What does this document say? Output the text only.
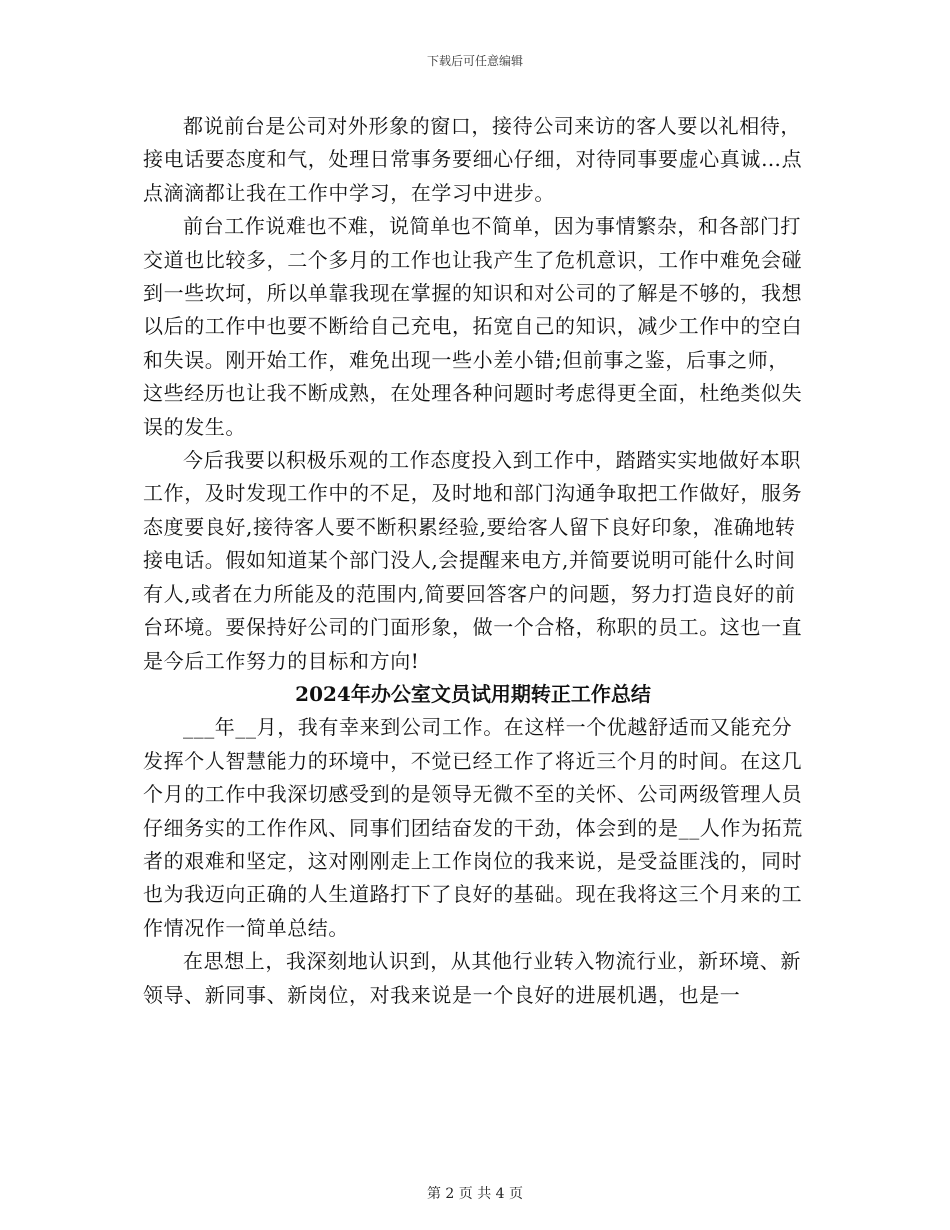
下载后可任意编辑

都说前台是公司对外形象的窗口，接待公司来访的客人要以礼相待，接电话要态度和气，处理日常事务要细心仔细，对待同事要虚心真诚…点点滴滴都让我在工作中学习，在学习中进步。

前台工作说难也不难，说简单也不简单，因为事情繁杂，和各部门打交道也比较多，二个多月的工作也让我产生了危机意识，工作中难免会碰到一些坎坷，所以单靠我现在掌握的知识和对公司的了解是不够的，我想以后的工作中也要不断给自己充电，拓宽自己的知识，减少工作中的空白和失误。刚开始工作，难免出现一些小差小错;但前事之鉴，后事之师，这些经历也让我不断成熟，在处理各种问题时考虑得更全面，杜绝类似失误的发生。

今后我要以积极乐观的工作态度投入到工作中，踏踏实实地做好本职工作，及时发现工作中的不足，及时地和部门沟通争取把工作做好，服务态度要良好,接待客人要不断积累经验,要给客人留下良好印象，准确地转接电话。假如知道某个部门没人,会提醒来电方,并简要说明可能什么时间有人,或者在力所能及的范围内,简要回答客户的问题，努力打造良好的前台环境。要保持好公司的门面形象，做一个合格，称职的员工。这也一直是今后工作努力的目标和方向!

2024年办公室文员试用期转正工作总结

___年__月，我有幸来到公司工作。在这样一个优越舒适而又能充分发挥个人智慧能力的环境中，不觉已经工作了将近三个月的时间。在这几个月的工作中我深切感受到的是领导无微不至的关怀、公司两级管理人员仔细务实的工作作风、同事们团结奋发的干劲，体会到的是__人作为拓荒者的艰难和坚定，这对刚刚走上工作岗位的我来说，是受益匪浅的，同时也为我迈向正确的人生道路打下了良好的基础。现在我将这三个月来的工作情况作一简单总结。

在思想上，我深刻地认识到，从其他行业转入物流行业，新环境、新领导、新同事、新岗位，对我来说是一个良好的进展机遇，也是一

第 2 页 共 4 页
